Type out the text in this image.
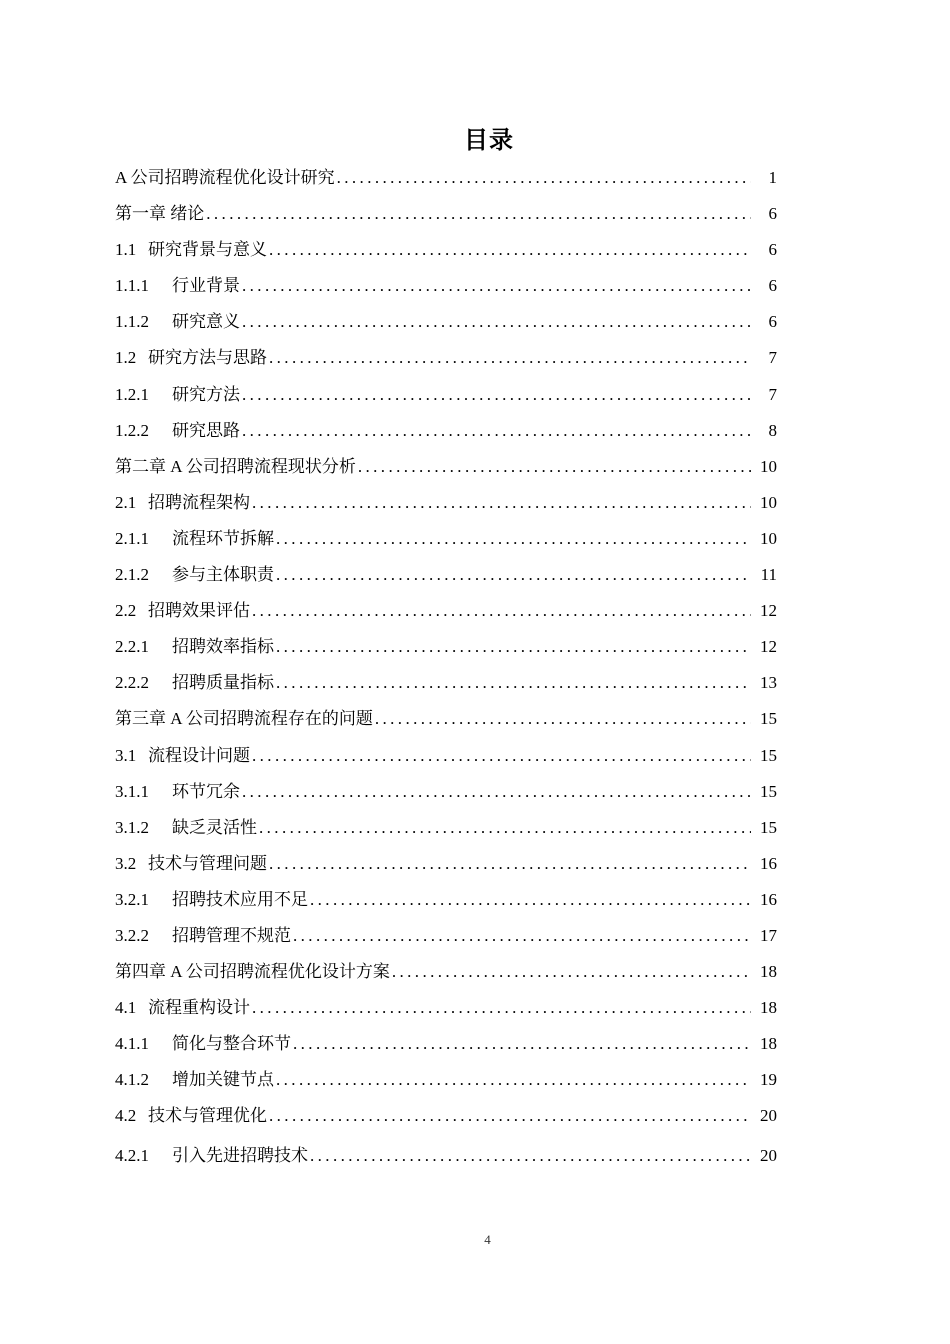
目录
A 公司招聘流程优化设计研究 .....	1
第一章 绪论 .....	6
1.1 研究背景与意义 .....	6
1.1.1	行业背景 .....	6
1.1.2	研究意义 .....	6
1.2 研究方法与思路 .....	7
1.2.1	研究方法 .....	7
1.2.2	研究思路 .....	8
第二章 A 公司招聘流程现状分析 .....	10
2.1 招聘流程架构 .....	10
2.1.1	流程环节拆解 .....	10
2.1.2	参与主体职责 .....	11
2.2 招聘效果评估 .....	12
2.2.1	招聘效率指标 .....	12
2.2.2	招聘质量指标 .....	13
第三章 A 公司招聘流程存在的问题 .....	15
3.1 流程设计问题 .....	15
3.1.1	环节冗余 .....	15
3.1.2	缺乏灵活性 .....	15
3.2 技术与管理问题 .....	16
3.2.1	招聘技术应用不足 .....	16
3.2.2	招聘管理不规范 .....	17
第四章 A 公司招聘流程优化设计方案 .....	18
4.1 流程重构设计 .....	18
4.1.1	简化与整合环节 .....	18
4.1.2	增加关键节点 .....	19
4.2 技术与管理优化 .....	20
4.2.1	引入先进招聘技术 .....	20
4
